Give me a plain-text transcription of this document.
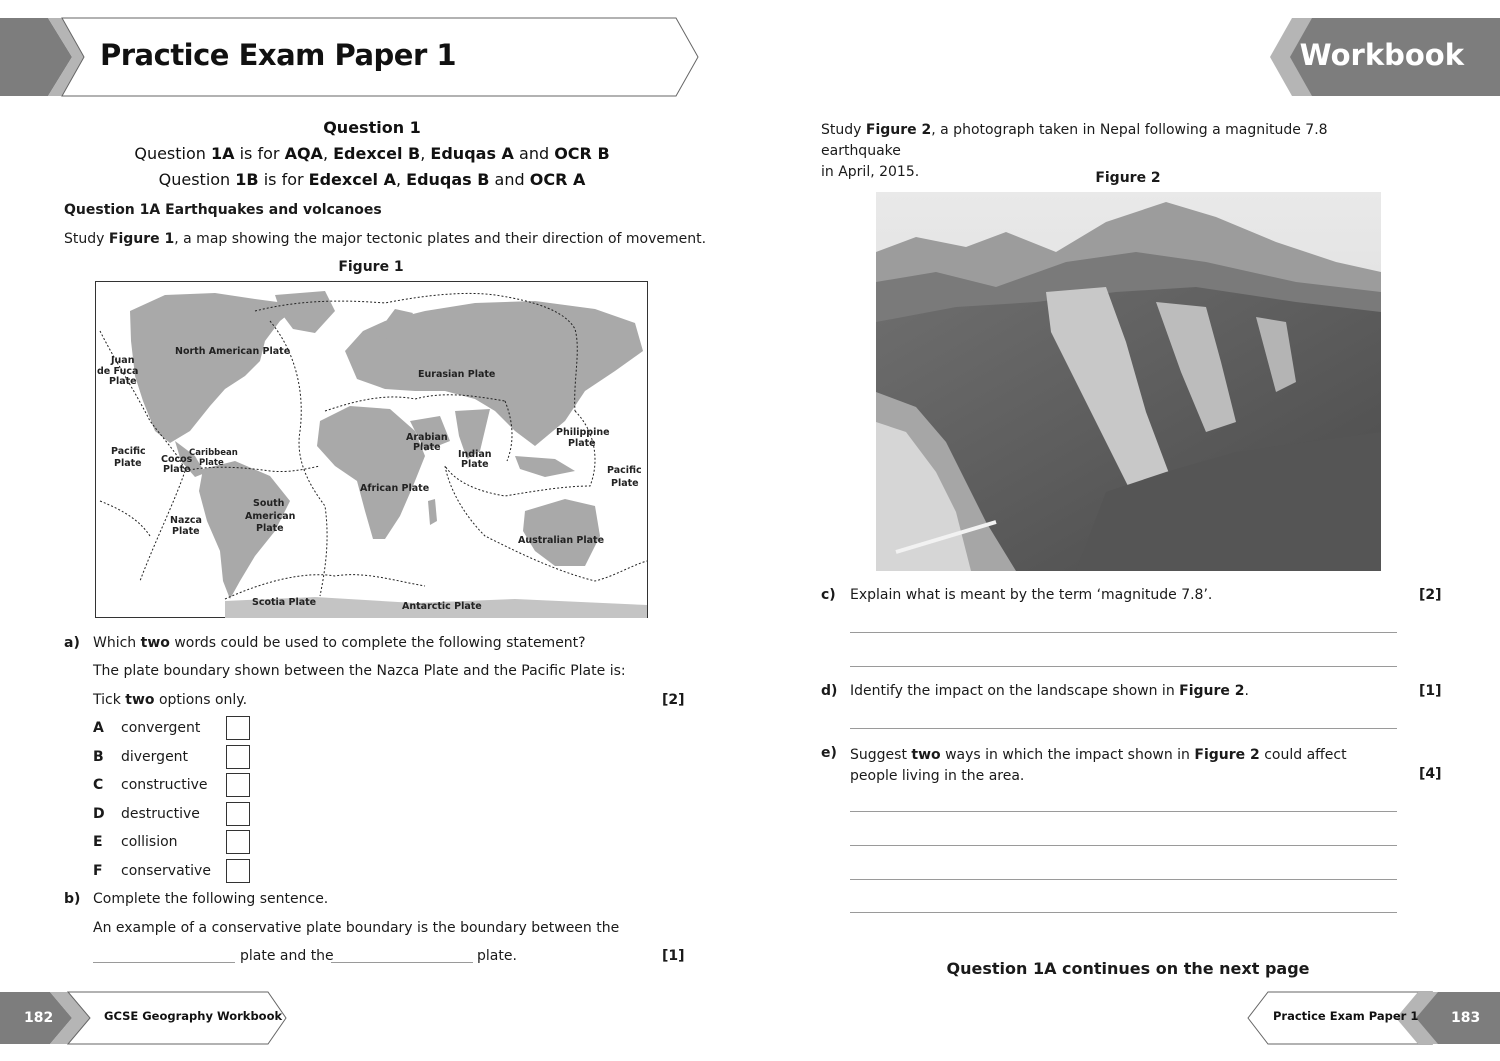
Practice Exam Paper 1	Workbook
Question 1
Question 1A is for AQA, Edexcel B, Eduqas A and OCR B
Question 1B is for Edexcel A, Eduqas B and OCR A
Question 1A Earthquakes and volcanoes
Study Figure 1, a map showing the major tectonic plates and their direction of movement.
Figure 1
North American Plate
Juan
de Fuca
Plate
Eurasian Plate
Arabian
Plate
Indian
Plate
Philippine
Plate
Pacific
Plate
Pacific
Plate
Caribbean
Plate
Cocos
Plate
African Plate
South
American
Plate
Nazca
Plate
Australian Plate
Scotia Plate	Antarctic Plate
a) Which two words could be used to complete the following statement?
The plate boundary shown between the Nazca Plate and the Pacific Plate is:
Tick two options only.	[2]
A convergent
B divergent
C constructive
D destructive
E collision
F conservative
b) Complete the following sentence.
An example of a conservative plate boundary is the boundary between the
plate and the	plate.	[1]
Study Figure 2, a photograph taken in Nepal following a magnitude 7.8 earthquake
in April, 2015.	Figure 2
c) Explain what is meant by the term ‘magnitude 7.8’.	[2]
d) Identify the impact on the landscape shown in Figure 2.	[1]
e) Suggest two ways in which the impact shown in Figure 2 could affect
people living in the area.	[4]
Question 1A continues on the next page
182	GCSE Geography Workbook	Practice Exam Paper 1 183
